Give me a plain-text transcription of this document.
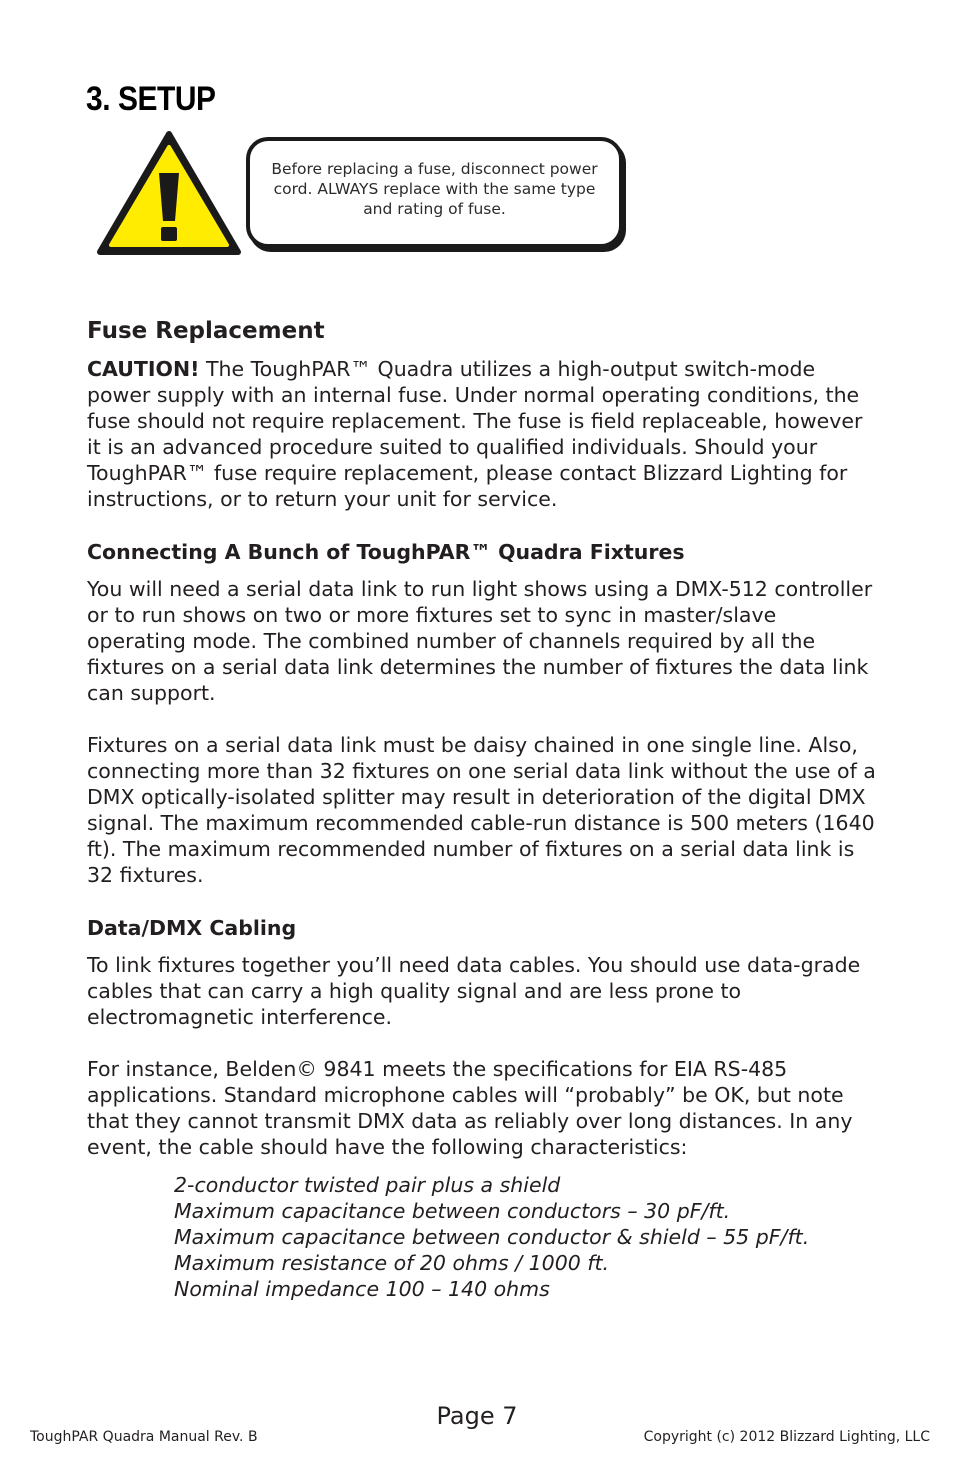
3. SETUP
Before replacing a fuse, disconnect power cord. ALWAYS replace with the same type and rating of fuse.
Fuse Replacement

CAUTION! The ToughPAR™ Quadra utilizes a high-output switch-mode power supply with an internal fuse. Under normal operating conditions, the fuse should not require replacement. The fuse is field replaceable, however it is an advanced procedure suited to qualified individuals. Should your ToughPAR™ fuse require replacement, please contact Blizzard Lighting for instructions, or to return your unit for service.

Connecting A Bunch of ToughPAR™ Quadra Fixtures

You will need a serial data link to run light shows using a DMX-512 controller or to run shows on two or more fixtures set to sync in master/slave operating mode. The combined number of channels required by all the fixtures on a serial data link determines the number of fixtures the data link can support.

Fixtures on a serial data link must be daisy chained in one single line. Also, connecting more than 32 fixtures on one serial data link without the use of a DMX optically-isolated splitter may result in deterioration of the digital DMX signal. The maximum recommended cable-run distance is 500 meters (1640 ft). The maximum recommended number of fixtures on a serial data link is 32 fixtures.

Data/DMX Cabling

To link fixtures together you’ll need data cables. You should use data-grade cables that can carry a high quality signal and are less prone to electromagnetic interference.

For instance, Belden© 9841 meets the specifications for EIA RS-485 applications. Standard microphone cables will “probably” be OK, but note that they cannot transmit DMX data as reliably over long distances. In any event, the cable should have the following characteristics:

2-conductor twisted pair plus a shield
Maximum capacitance between conductors – 30 pF/ft.
Maximum capacitance between conductor & shield – 55 pF/ft.
Maximum resistance of 20 ohms / 1000 ft.
Nominal impedance 100 – 140 ohms
Page 7
ToughPAR Quadra Manual Rev. B	Copyright (c) 2012 Blizzard Lighting, LLC
